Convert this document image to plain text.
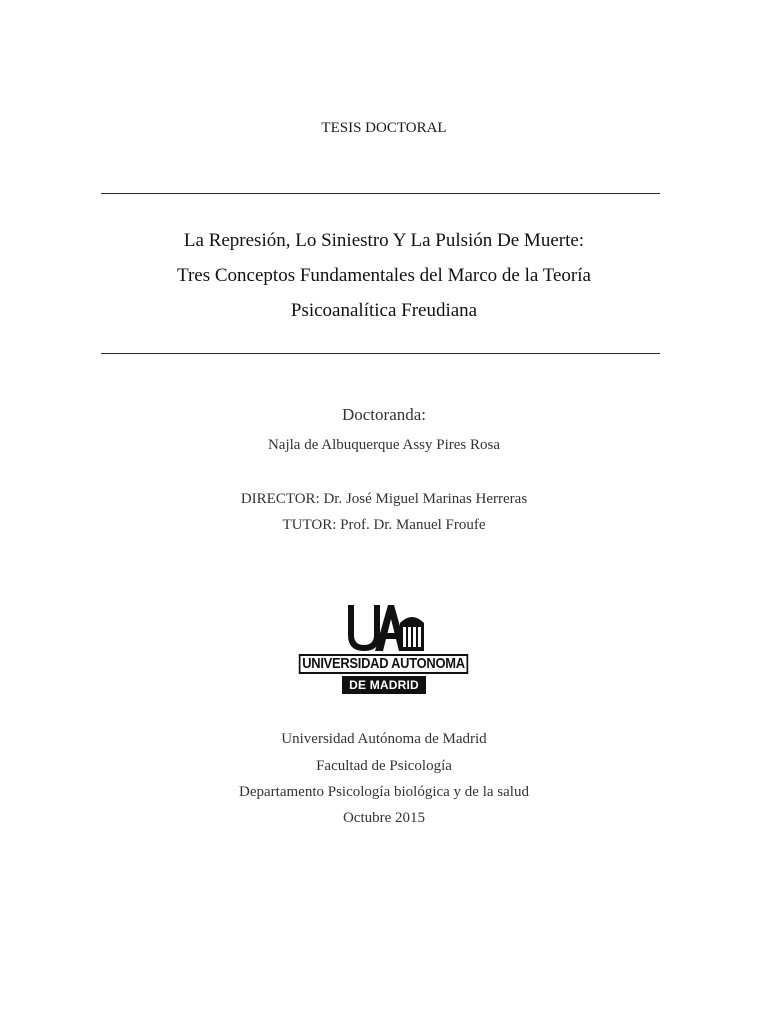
TESIS DOCTORAL
La Represión, Lo Siniestro Y La Pulsión De Muerte:
Tres Conceptos Fundamentales del Marco de la Teoría
Psicoanalítica Freudiana
Doctoranda:
Najla de Albuquerque Assy Pires Rosa
DIRECTOR: Dr. José Miguel Marinas Herreras
TUTOR: Prof. Dr. Manuel Froufe
UNIVERSIDAD AUTONOMA
DE MADRID
Universidad Autónoma de Madrid
Facultad de Psicología
Departamento Psicología biológica y de la salud
Octubre 2015
